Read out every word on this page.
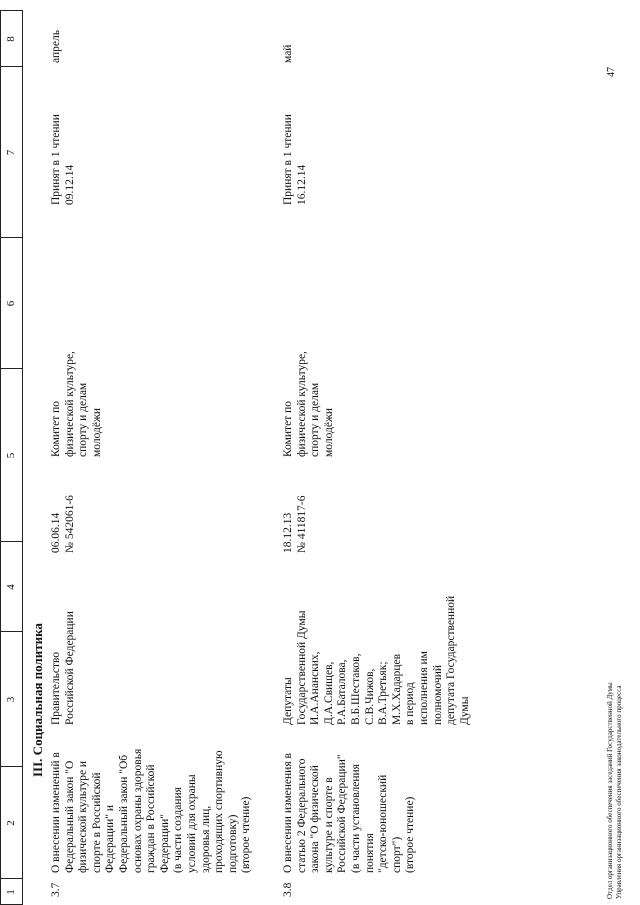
1
2
3
4
5
6
7
8
III. Социальная политика
3.7
О внесении изменений в
Федеральный закон "О
физической культуре и
спорте в Российской
Федерации" и
Федеральный закон "Об
основах охраны здоровья
граждан в Российской
Федерации"
(в части создания
условий для охраны
здоровья лиц,
проходящих спортивную
подготовку)
(второе чтение)
Правительство
Российской Федерации
06.06.14
№ 542061-6
Комитет по
физической культуре,
спорту и делам
молодёжи
Принят в 1 чтении
09.12.14
апрель
3.8
О внесении изменения в
статью 2 Федерального
закона "О физической
культуре и спорте в
Российской Федерации"
(в части установления
понятия
"детско-юношеский
спорт")
(второе чтение)
Депутаты
Государственной Думы
И.А.Ананских,
Д.А.Свищев,
Р.А.Баталова,
В.Б.Шестаков,
С.В.Чижов,
В.А.Третьяк;
М.Х.Хадарцев
в период
исполнения им
полномочий
депутата Государственной
Думы
18.12.13
№ 411817-6
Комитет по
физической культуре,
спорту и делам
молодёжи
Принят в 1 чтении
16.12.14
май
Отдел организационного обеспечения заседаний Государственной Думы
Управления организационного обеспечения законодательного процесса
47
